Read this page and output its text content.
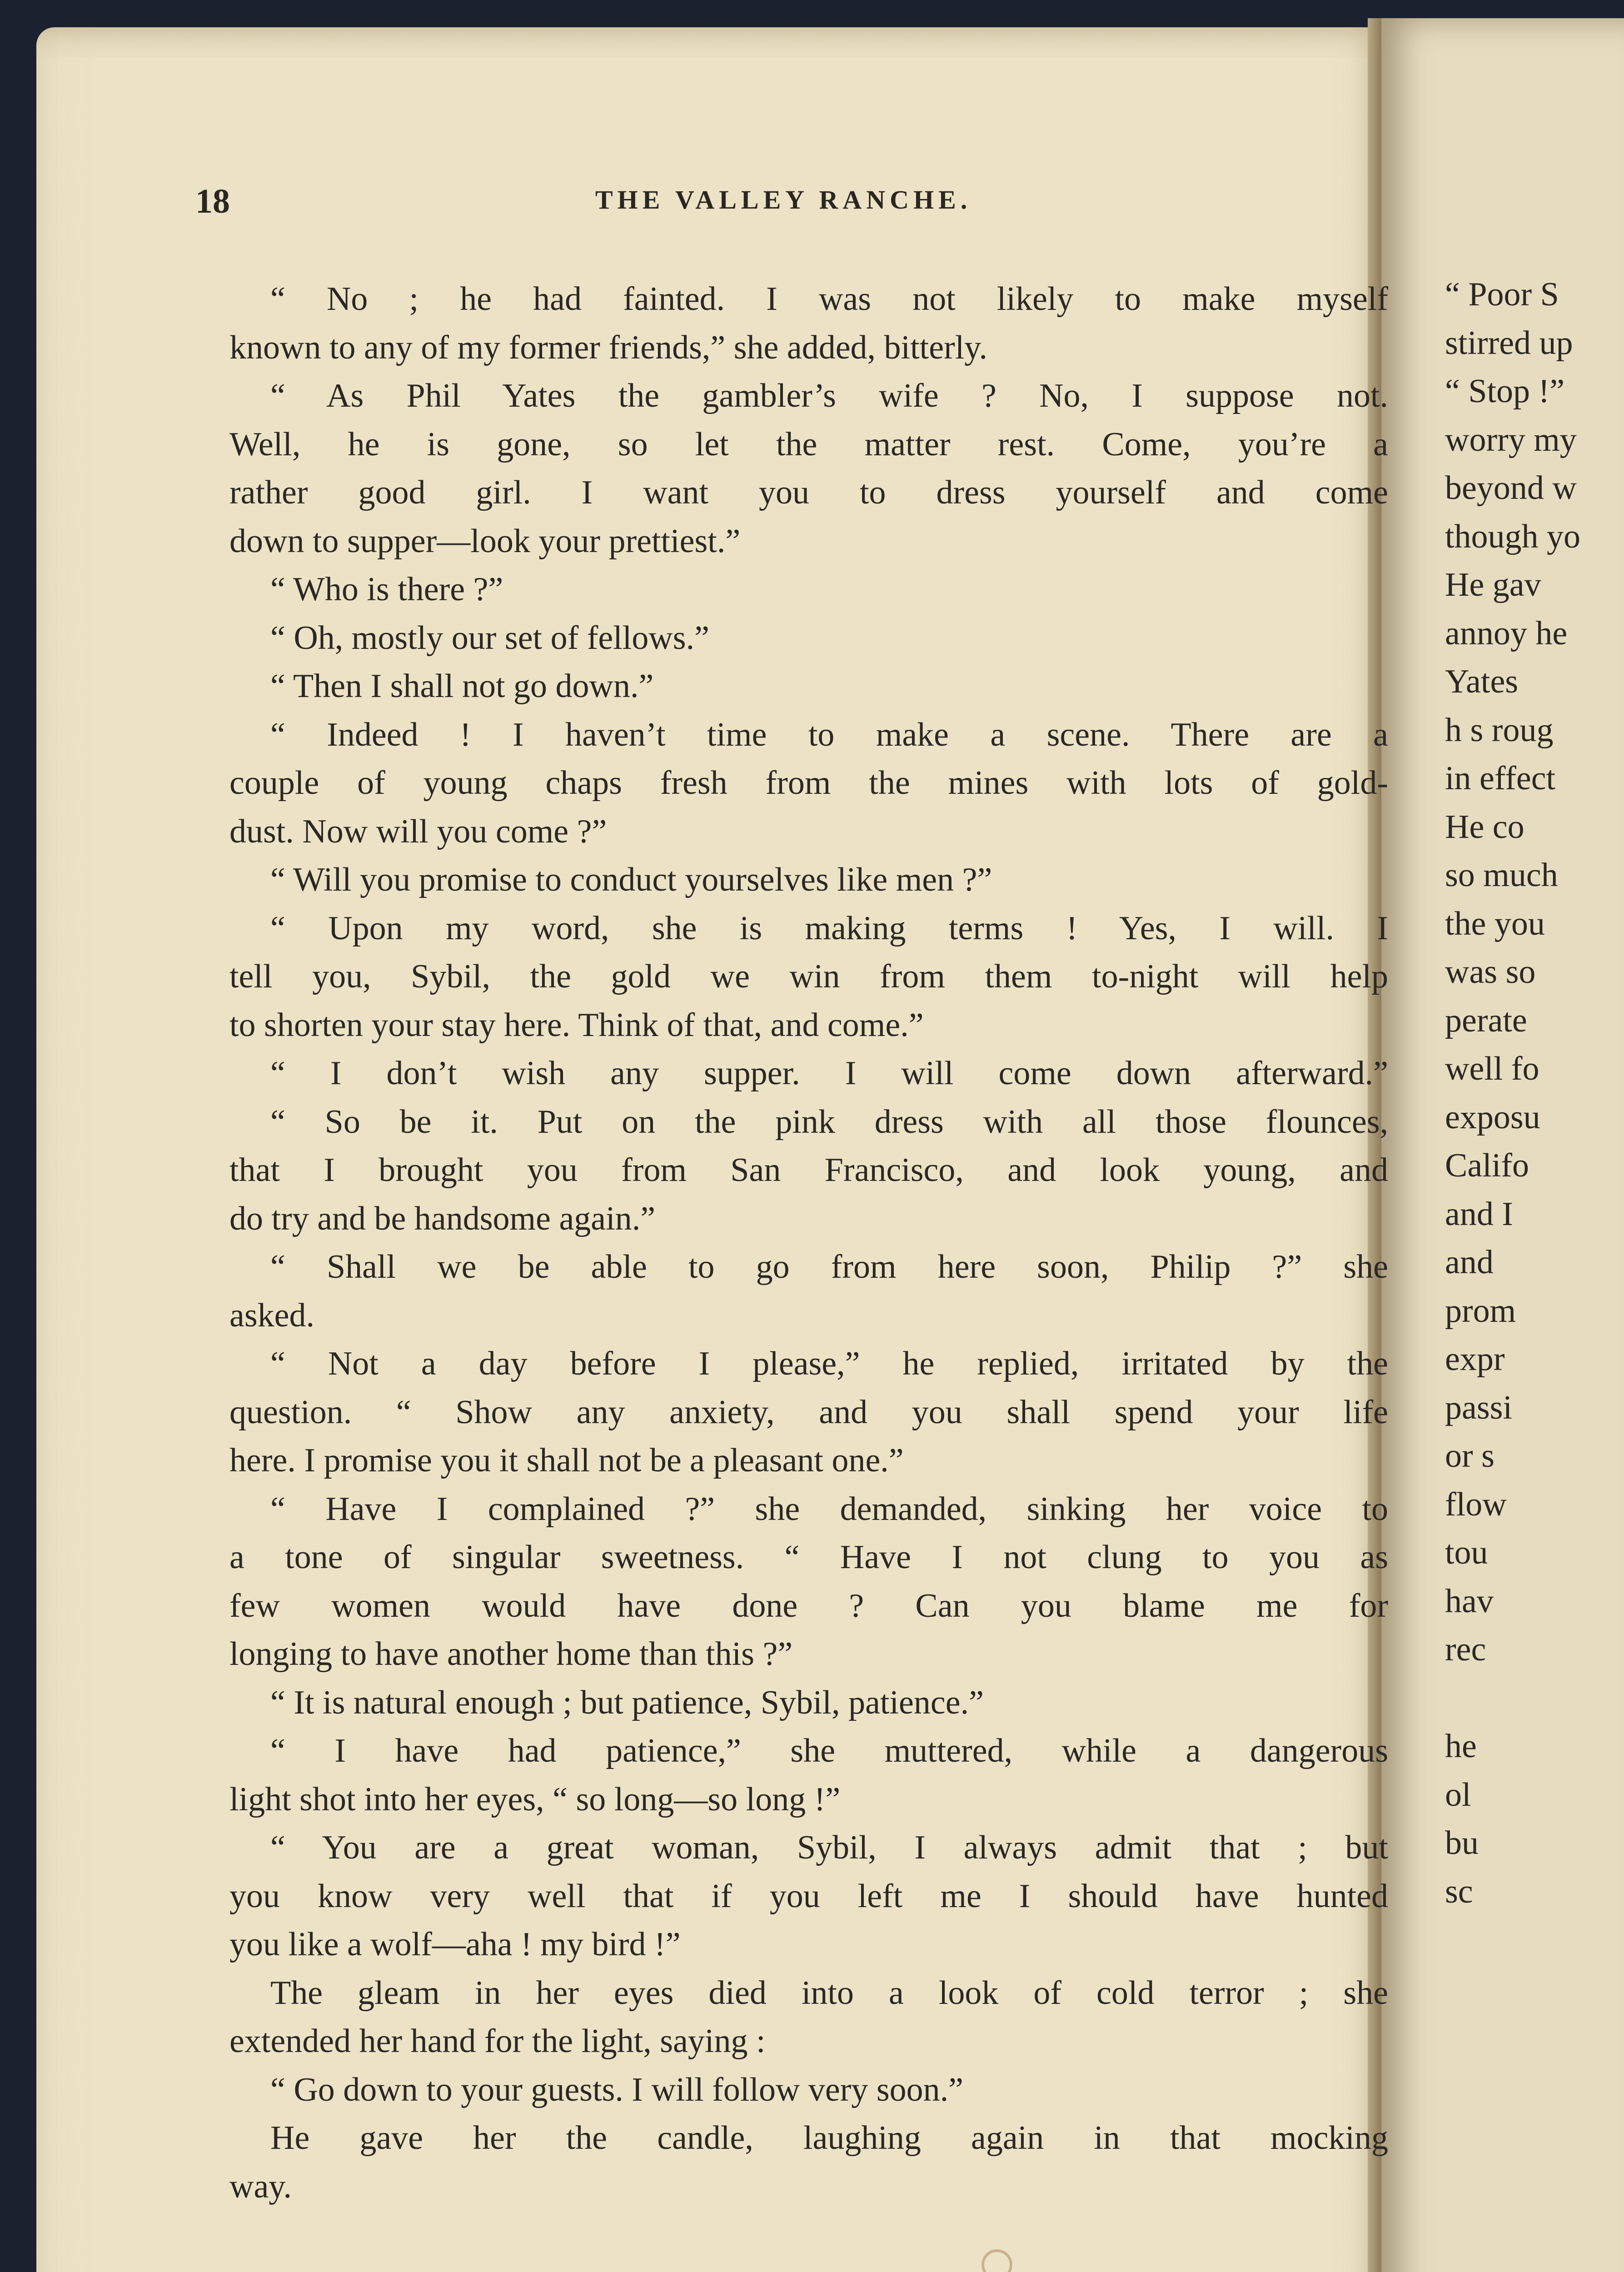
“ Poor S
stirred up
“ Stop !”
worry my
beyond w
though yo
He gav
annoy he
Yates
h s roug
in effect
He co
so much
the you
was so
perate
well fo
exposu
Califo
and I
and
prom
expr
passi
or s
flow
tou
hav
rec

he
ol
bu
sc
18	THE VALLEY RANCHE.
“ No ; he had fainted. I was not likely to make myself
known to any of my former friends,” she added, bitterly.
“ As Phil Yates the gambler’s wife ? No, I suppose not.
Well, he is gone, so let the matter rest. Come, you’re a
rather good girl. I want you to dress yourself and come
down to supper—look your prettiest.”
“ Who is there ?”
“ Oh, mostly our set of fellows.”
“ Then I shall not go down.”
“ Indeed ! I haven’t time to make a scene. There are a
couple of young chaps fresh from the mines with lots of gold-
dust. Now will you come ?”
“ Will you promise to conduct yourselves like men ?”
“ Upon my word, she is making terms ! Yes, I will. I
tell you, Sybil, the gold we win from them to-night will help
to shorten your stay here. Think of that, and come.”
“ I don’t wish any supper. I will come down afterward.”
“ So be it. Put on the pink dress with all those flounces,
that I brought you from San Francisco, and look young, and
do try and be handsome again.”
“ Shall we be able to go from here soon, Philip ?” she
asked.
“ Not a day before I please,” he replied, irritated by the
question. “ Show any anxiety, and you shall spend your life
here. I promise you it shall not be a pleasant one.”
“ Have I complained ?” she demanded, sinking her voice to
a tone of singular sweetness. “ Have I not clung to you as
few women would have done ? Can you blame me for
longing to have another home than this ?”
“ It is natural enough ; but patience, Sybil, patience.”
“ I have had patience,” she muttered, while a dangerous
light shot into her eyes, “ so long—so long !”
“ You are a great woman, Sybil, I always admit that ; but
you know very well that if you left me I should have hunted
you like a wolf—aha ! my bird !”
The gleam in her eyes died into a look of cold terror ; she
extended her hand for the light, saying :
“ Go down to your guests. I will follow very soon.”
He gave her the candle, laughing again in that mocking
way.
